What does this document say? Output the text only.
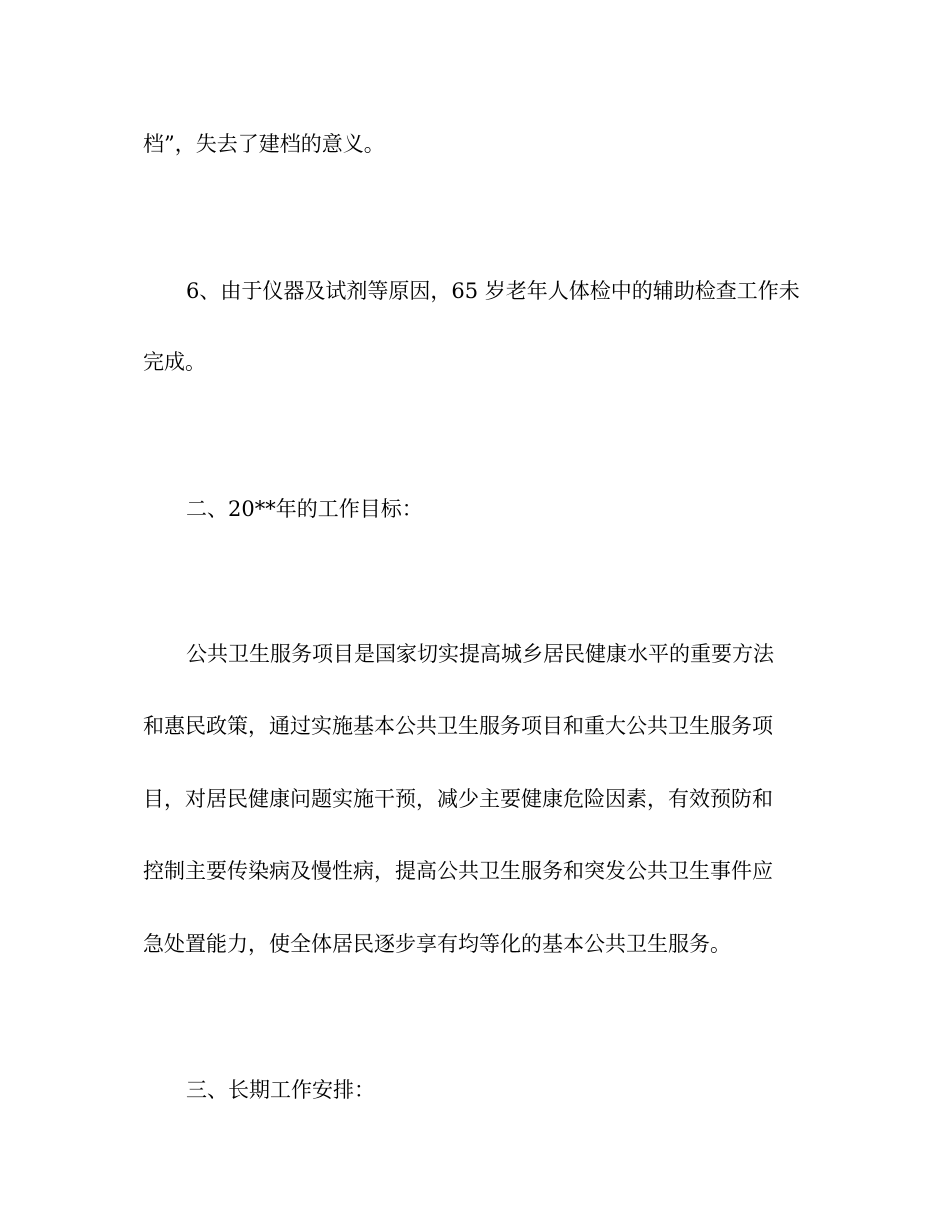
档”，失去了建档的意义。
6、由于仪器及试剂等原因，65 岁老年人体检中的辅助检查工作未
完成。
二、20**年的工作目标：
公共卫生服务项目是国家切实提高城乡居民健康水平的重要方法
和惠民政策，通过实施基本公共卫生服务项目和重大公共卫生服务项
目，对居民健康问题实施干预，减少主要健康危险因素，有效预防和
控制主要传染病及慢性病，提高公共卫生服务和突发公共卫生事件应
急处置能力，使全体居民逐步享有均等化的基本公共卫生服务。
三、长期工作安排：
